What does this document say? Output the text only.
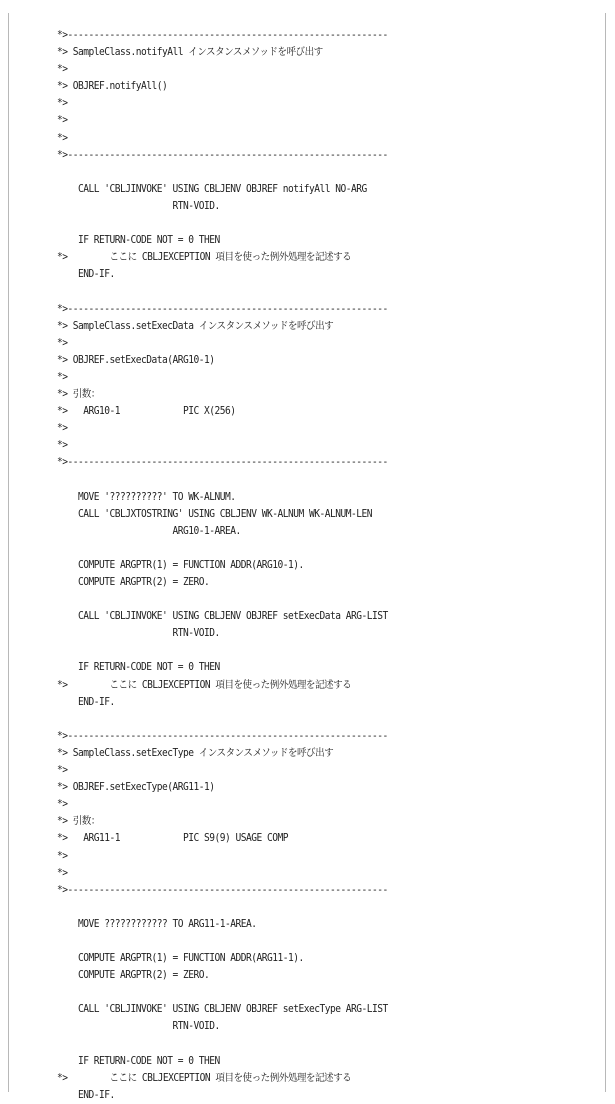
*>-------------------------------------------------------------
*> SampleClass.notifyAll インスタンスメソッドを呼び出す
*>
*> OBJREF.notifyAll()
*>
*>
*>
*>-------------------------------------------------------------

CALL 'CBLJINVOKE' USING CBLJENV OBJREF notifyAll NO-ARG
RTN-VOID.

IF RETURN-CODE NOT = 0 THEN
*>        ここに CBLJEXCEPTION 項目を使った例外処理を記述する
END-IF.

*>-------------------------------------------------------------
*> SampleClass.setExecData インスタンスメソッドを呼び出す
*>
*> OBJREF.setExecData(ARG10-1)
*>
*> 引数：
*>   ARG10-1            PIC X(256)
*>
*>
*>-------------------------------------------------------------

MOVE '??????????' TO WK-ALNUM.
CALL 'CBLJXTOSTRING' USING CBLJENV WK-ALNUM WK-ALNUM-LEN
ARG10-1-AREA.

COMPUTE ARGPTR(1) = FUNCTION ADDR(ARG10-1).
COMPUTE ARGPTR(2) = ZERO.

CALL 'CBLJINVOKE' USING CBLJENV OBJREF setExecData ARG-LIST
RTN-VOID.

IF RETURN-CODE NOT = 0 THEN
*>        ここに CBLJEXCEPTION 項目を使った例外処理を記述する
END-IF.

*>-------------------------------------------------------------
*> SampleClass.setExecType インスタンスメソッドを呼び出す
*>
*> OBJREF.setExecType(ARG11-1)
*>
*> 引数：
*>   ARG11-1            PIC S9(9) USAGE COMP
*>
*>
*>-------------------------------------------------------------

MOVE ???????????? TO ARG11-1-AREA.

COMPUTE ARGPTR(1) = FUNCTION ADDR(ARG11-1).
COMPUTE ARGPTR(2) = ZERO.

CALL 'CBLJINVOKE' USING CBLJENV OBJREF setExecType ARG-LIST
RTN-VOID.

IF RETURN-CODE NOT = 0 THEN
*>        ここに CBLJEXCEPTION 項目を使った例外処理を記述する
END-IF.
